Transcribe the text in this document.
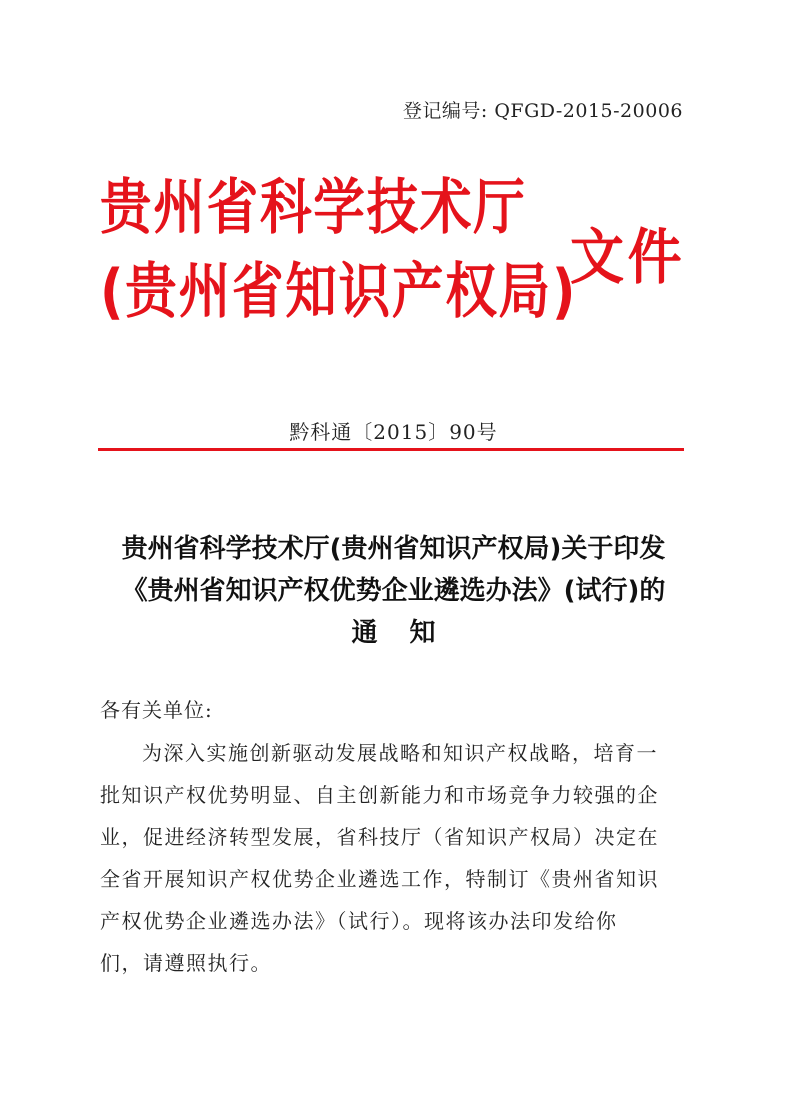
登记编号: QFGD-2015-20006
贵州省科学技术厅
(贵州省知识产权局)
文件
黔科通〔2015〕90号
贵州省科学技术厅(贵州省知识产权局)关于印发
《贵州省知识产权优势企业遴选办法》(试行)的
通知
各有关单位:
为深入实施创新驱动发展战略和知识产权战略，培育一
批知识产权优势明显、自主创新能力和市场竞争力较强的企
业，促进经济转型发展，省科技厅（省知识产权局）决定在
全省开展知识产权优势企业遴选工作，特制订《贵州省知识
产权优势企业遴选办法》（试行）。现将该办法印发给你
们，请遵照执行。
